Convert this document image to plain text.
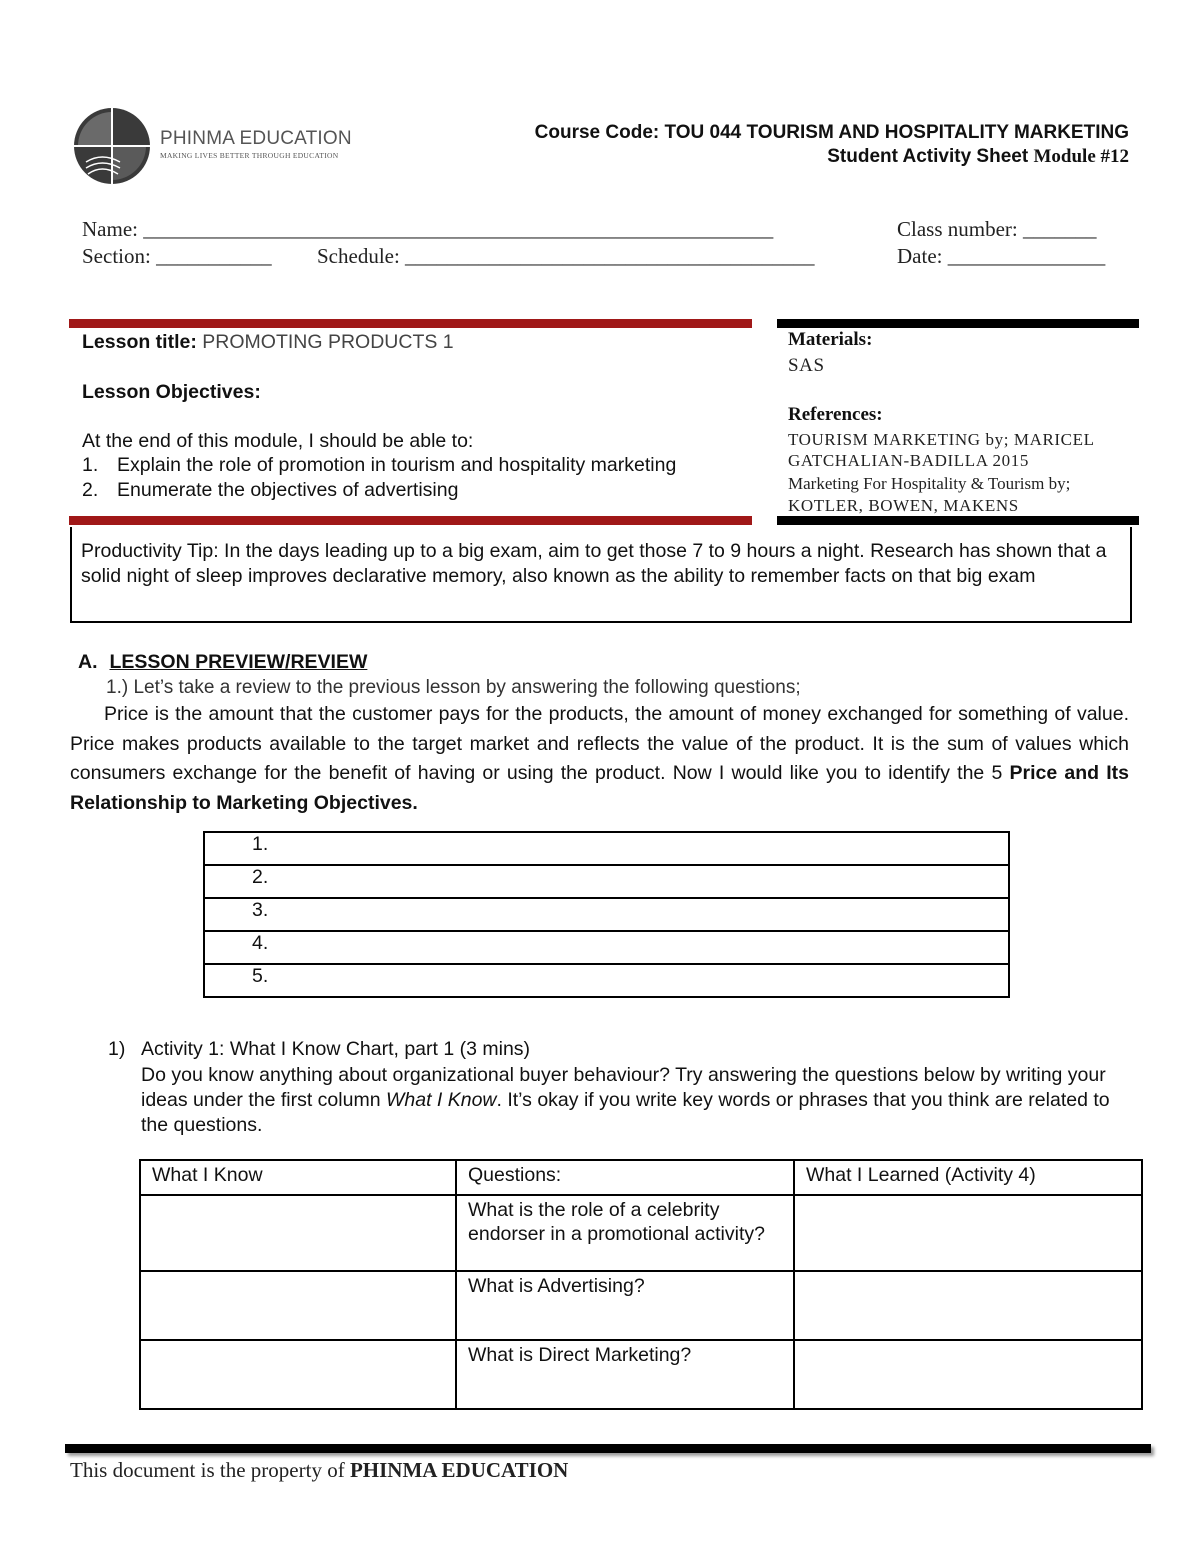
PHINMA EDUCATION
MAKING LIVES BETTER THROUGH EDUCATION
Course Code: TOU 044 TOURISM AND HOSPITALITY MARKETING
Student Activity Sheet Module #12
Name: ____________________________________________________________	Class number: _______
Section: ___________ Schedule: _______________________________________	Date: _______________
Lesson title: PROMOTING PRODUCTS 1
Lesson Objectives:
At the end of this module, I should be able to:
1. Explain the role of promotion in tourism and hospitality marketing
2. Enumerate the objectives of advertising
Materials:
SAS
References:
TOURISM MARKETING by; MARICEL
GATCHALIAN-BADILLA 2015
Marketing For Hospitality & Tourism by;
KOTLER, BOWEN, MAKENS
Productivity Tip: In the days leading up to a big exam, aim to get those 7 to 9 hours a night. Research has shown that a solid night of sleep improves declarative memory, also known as the ability to remember facts on that big exam
A. LESSON PREVIEW/REVIEW
1.) Let’s take a review to the previous lesson by answering the following questions;
Price is the amount that the customer pays for the products, the amount of money exchanged for something of value. Price makes products available to the target market and reflects the value of the product. It is the sum of values which consumers exchange for the benefit of having or using the product. Now I would like you to identify the 5 Price and Its Relationship to Marketing Objectives.
1.
2.
3.
4.
5.
1) Activity 1: What I Know Chart, part 1 (3 mins)
Do you know anything about organizational buyer behaviour? Try answering the questions below by writing your ideas under the first column What I Know. It’s okay if you write key words or phrases that you think are related to the questions.
What I Know	Questions:	What I Learned (Activity 4)
	What is the role of a celebrity endorser in a promotional activity?	
	What is Advertising?	
	What is Direct Marketing?	
This document is the property of PHINMA EDUCATION
